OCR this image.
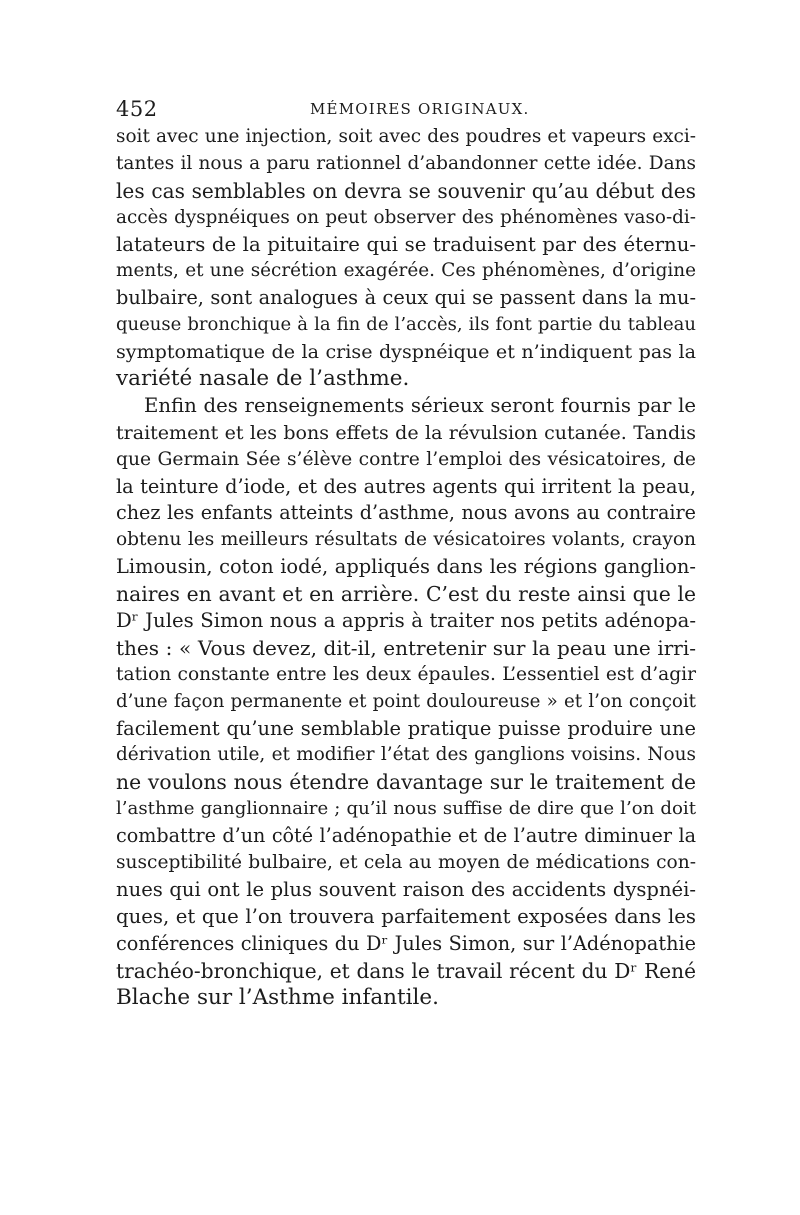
452	MÉMOIRES ORIGINAUX.
soit avec une injection, soit avec des poudres et vapeurs exci-
tantes il nous a paru rationnel d’abandonner cette idée. Dans
les cas semblables on devra se souvenir qu’au début des
accès dyspnéiques on peut observer des phénomènes vaso-di-
latateurs de la pituitaire qui se traduisent par des éternu-
ments, et une sécrétion exagérée. Ces phénomènes, d’origine
bulbaire, sont analogues à ceux qui se passent dans la mu-
queuse bronchique à la fin de l’accès, ils font partie du tableau
symptomatique de la crise dyspnéique et n’indiquent pas la
variété nasale de l’asthme.
Enfin des renseignements sérieux seront fournis par le
traitement et les bons effets de la révulsion cutanée. Tandis
que Germain Sée s’élève contre l’emploi des vésicatoires, de
la teinture d’iode, et des autres agents qui irritent la peau,
chez les enfants atteints d’asthme, nous avons au contraire
obtenu les meilleurs résultats de vésicatoires volants, crayon
Limousin, coton iodé, appliqués dans les régions ganglion-
naires en avant et en arrière. C’est du reste ainsi que le
Dʳ Jules Simon nous a appris à traiter nos petits adénopa-
thes : « Vous devez, dit-il, entretenir sur la peau une irri-
tation constante entre les deux épaules. L’essentiel est d’agir
d’une façon permanente et point douloureuse » et l’on conçoit
facilement qu’une semblable pratique puisse produire une
dérivation utile, et modifier l’état des ganglions voisins. Nous
ne voulons nous étendre davantage sur le traitement de
l’asthme ganglionnaire ; qu’il nous suffise de dire que l’on doit
combattre d’un côté l’adénopathie et de l’autre diminuer la
susceptibilité bulbaire, et cela au moyen de médications con-
nues qui ont le plus souvent raison des accidents dyspnéi-
ques, et que l’on trouvera parfaitement exposées dans les
conférences cliniques du Dʳ Jules Simon, sur l’Adénopathie
trachéo-bronchique, et dans le travail récent du Dʳ René
Blache sur l’Asthme infantile.
